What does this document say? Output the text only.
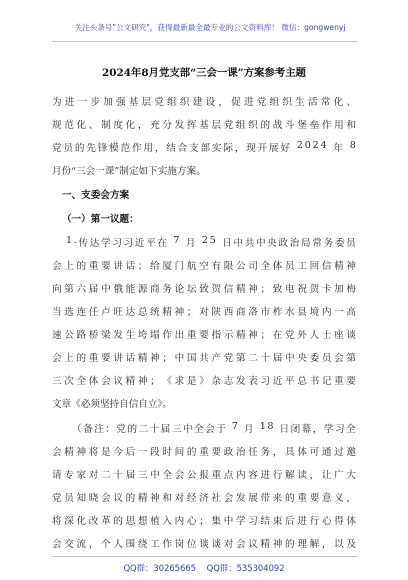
关注头条号"公文研究"，获得最新最全最专业的公文资料库！ 微信：gongwenyj
2024年8月党支部“三会一课”方案参考主题
为 进 一 步 加 强 基 层 党 组 织 建 设 ， 促 进 党 组 织 生 活 常 化 、
规 范 化 、 制 度 化 ， 充 分 发 挥 基 层 党 组 织 的 战 斗 堡 垒 作 用 和
党 员 的 先 锋 模 范 作 用 ， 结 合 支 部 实 际 ， 现 开 展 好
2 0 2 4
年
8
月份“三会一课”制定如下实施方案。
一、支委会方案
（一）第一议题：
1 . 传 达 学 习 习 近 平 在
7
月
2 5
日 中 共 中 央 政 治 局 常 务 委 员
会 上 的 重 要 讲 话 ； 给 厦 门 航 空 有 限 公 司 全 体 员 工 回 信 精 神
向 第 六 届 中 俄 能 源 商 务 论 坛 致 贺 信 精 神 ； 致 电 祝 贺 卡 加 梅
当 选 连 任 卢 旺 达 总 统 精 神 ； 对 陕 西 商 洛 市 柞 水 县 境 内 一 高
速 公 路 桥 梁 发 生 垮 塌 作 出 重 要 指 示 精 神 ； 在 党 外 人 士 座 谈
会 上 的 重 要 讲 话 精 神 ； 中 国 共 产 党 第 二 十 届 中 央 委 员 会 第
三 次 全 体 会 议 精 神 ； 《 求 是 》 杂 志 发 表 习 近 平 总 书 记 重 要
文章《必须坚持自信自立》。
（ 备 注 ： 党 的 二 十 届 三 中 全 会 于
7
月
1 8
日 闭 幕 ， 学 习 全
会 精 神 将 是 今 后 一 段 时 间 的 重 要 政 治 任 务 ， 具 体 可 通 过 邀
请 专 家 对 二 十 届 三 中 全 会 公 报 重 点 内 容 进 行 解 读 ， 让 广 大
党 员 知 晓 会 议 的 精 神 和 对 经 济 社 会 发 展 带 来 的 重 要 意 义 ，
将 深 化 改 革 的 思 想 植 入 内 心 ； 集 中 学 习 结 束 后 进 行 心 得 体
会 交 流 ， 个 人 围 绕 工 作 岗 位 谈 谈 对 会 议 精 神 的 理 解 ， 以 及
QQ群：30265665 QQ群：535304092
